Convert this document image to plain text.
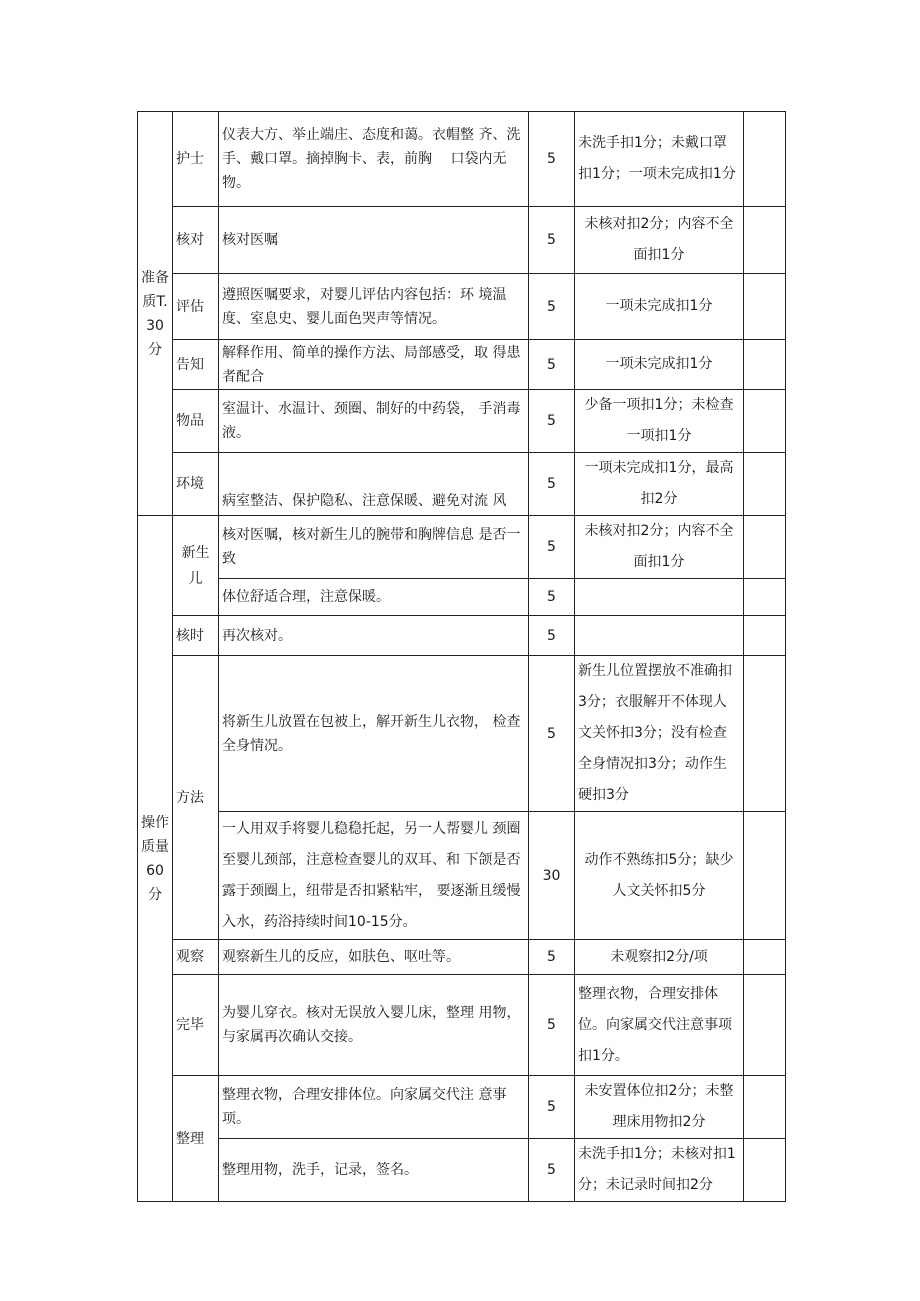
准备质T.30分	护士	仪表大方、举止端庄、态度和蔼。衣帽整 齐、洗手、戴口罩。摘掉胸卡、表，前胸 　口袋内无物。	5	未洗手扣1分；未戴口罩扣1分；一项未完成扣1分	
	核对	核对医嘱	5	未核对扣2分；内容不全面扣1分	
	评估	遵照医嘱要求，对婴儿评估内容包括：环 境温度、室息史、婴儿面色哭声等情况。	5	一项未完成扣1分	
	告知	解释作用、简单的操作方法、局部感受，取 得患者配合	5	一项未完成扣1分	
	物品	室温计、水温计、颈圈、制好的中药袋， 手消毒液。	5	少备一项扣1分；未检查一项扣1分	
	环境	病室整洁、保护隐私、注意保暖、避免对流 风	5	一项未完成扣1分，最高扣2分	

操作质量60分	新生儿	核对医嘱，核对新生儿的腕带和胸牌信息 是否一致	5	未核对扣2分；内容不全面扣1分	
		体位舒适合理，注意保暖。	5		
	核时	再次核对。	5		
	方法	将新生儿放置在包被上，解开新生儿衣物， 检查全身情况。	5	新生儿位置摆放不准确扣3分；衣服解开不体现人文关怀扣3分；没有检查全身情况扣3分；动作生硬扣3分	
		一人用双手将婴儿稳稳托起，另一人帮婴儿 颈圈至婴儿颈部，注意检查婴儿的双耳、和 下颌是否露于颈圈上，纽带是否扣紧粘牢， 要逐渐且缓慢入水，药浴持续时间10-15分。	30	动作不熟练扣5分；缺少人文关怀扣5分	
	观察	观察新生儿的反应，如肤色、呕吐等。	5	未观察扣2分/项	
	完毕	为婴儿穿衣。核对无误放入婴儿床，整理 用物，与家属再次确认交接。	5	整理衣物，合理安排体位。向家属交代注意事项扣1分。	
	整理	整理衣物，合理安排体位。向家属交代注 意事项。	5	未安置体位扣2分；未整理床用物扣2分	
		整理用物，洗手，记录，签名。	5	未洗手扣1分；未核对扣1分；未记录时间扣2分	
